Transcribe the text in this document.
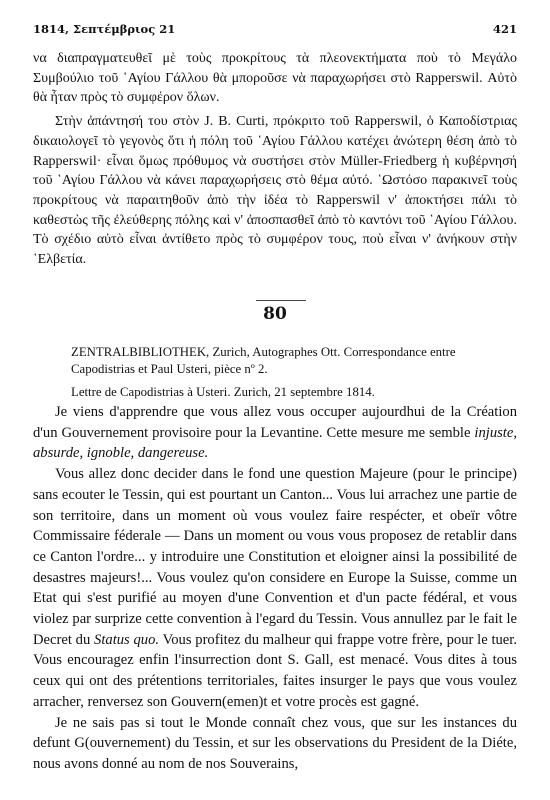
1814, Σεπτέμβριος 21	421

να διαπραγματευθεῖ μὲ τοὺς προκρίτους τὰ πλεονεκτήματα ποὺ τὸ Μεγάλο Συμβούλιο τοῦ ῾Αγίου Γάλλου θὰ μποροῦσε νὰ παραχωρήσει στὸ Rapperswil. Αὐτὸ θὰ ἦταν πρὸς τὸ συμφέρον ὅλων.

Στὴν ἀπάντησή του στὸν J. B. Curti, πρόκριτο τοῦ Rapperswil, ὁ Καποδίστριας δικαιολογεῖ τὸ γεγονὸς ὅτι ἡ πόλη τοῦ ῾Αγίου Γάλλου κατέχει ἀνώτερη θέση ἀπὸ τὸ Rapperswil· εἶναι ὅμως πρόθυμος νὰ συστήσει στὸν Müller-Friedberg ἡ κυβέρνησή τοῦ ῾Αγίου Γάλλου νὰ κάνει παραχωρήσεις στὸ θέμα αὐτό. ῾Ωστόσο παρακινεῖ τοὺς προκρίτους νὰ παραιτηθοῦν ἀπὸ τὴν ἰδέα τὸ Rapperswil ν' ἀποκτήσει πάλι τὸ καθεστὼς τῆς ἐλεύθερης πόλης καὶ ν' ἀποσπασθεῖ ἀπὸ τὸ καντόνι τοῦ ῾Αγίου Γάλλου. Τὸ σχέδιο αὐτὸ εἶναι ἀντίθετο πρὸς τὸ συμφέρον τους, ποὺ εἶναι ν' ἀνήκουν στὴν ῾Ελβετία.

80

ZENTRALBIBLIOTHEK, Zurich, Autographes Ott. Correspondance entre

Capodistrias et Paul Usteri, pièce nº 2.

Lettre de Capodistrias à Usteri. Zurich, 21 septembre 1814.

Je viens d'apprendre que vous allez vous occuper aujourdhui de la Création d'un Gouvernement provisoire pour la Levantine. Cette mesure me semble injuste, absurde, ignoble, dangereuse.

Vous allez donc decider dans le fond une question Majeure (pour le principe) sans ecouter le Tessin, qui est pourtant un Canton... Vous lui arrachez une partie de son territoire, dans un moment où vous voulez faire respécter, et obeïr vôtre Commissaire féderale — Dans un moment ou vous vous proposez de retablir dans ce Canton l'ordre... y introduire une Constitution et eloigner ainsi la possibilité de desastres majeurs!... Vous voulez qu'on considere en Europe la Suisse, comme un Etat qui s'est purifié au moyen d'une Convention et d'un pacte fédéral, et vous violez par surprize cette convention à l'egard du Tessin. Vous annullez par le fait le Decret du Status quo. Vous profitez du malheur qui frappe votre frère, pour le tuer. Vous encouragez enfin l'insurrection dont S. Gall, est menacé. Vous dites à tous ceux qui ont des prétentions territoriales, faites insurger le pays que vous voulez arracher, renversez son Gouvern(emen)t et votre procès est gagné.

Je ne sais pas si tout le Monde connaît chez vous, que sur les instances du defunt G(ouvernement) du Tessin, et sur les observations du President de la Diéte, nous avons donné au nom de nos Souverains,
